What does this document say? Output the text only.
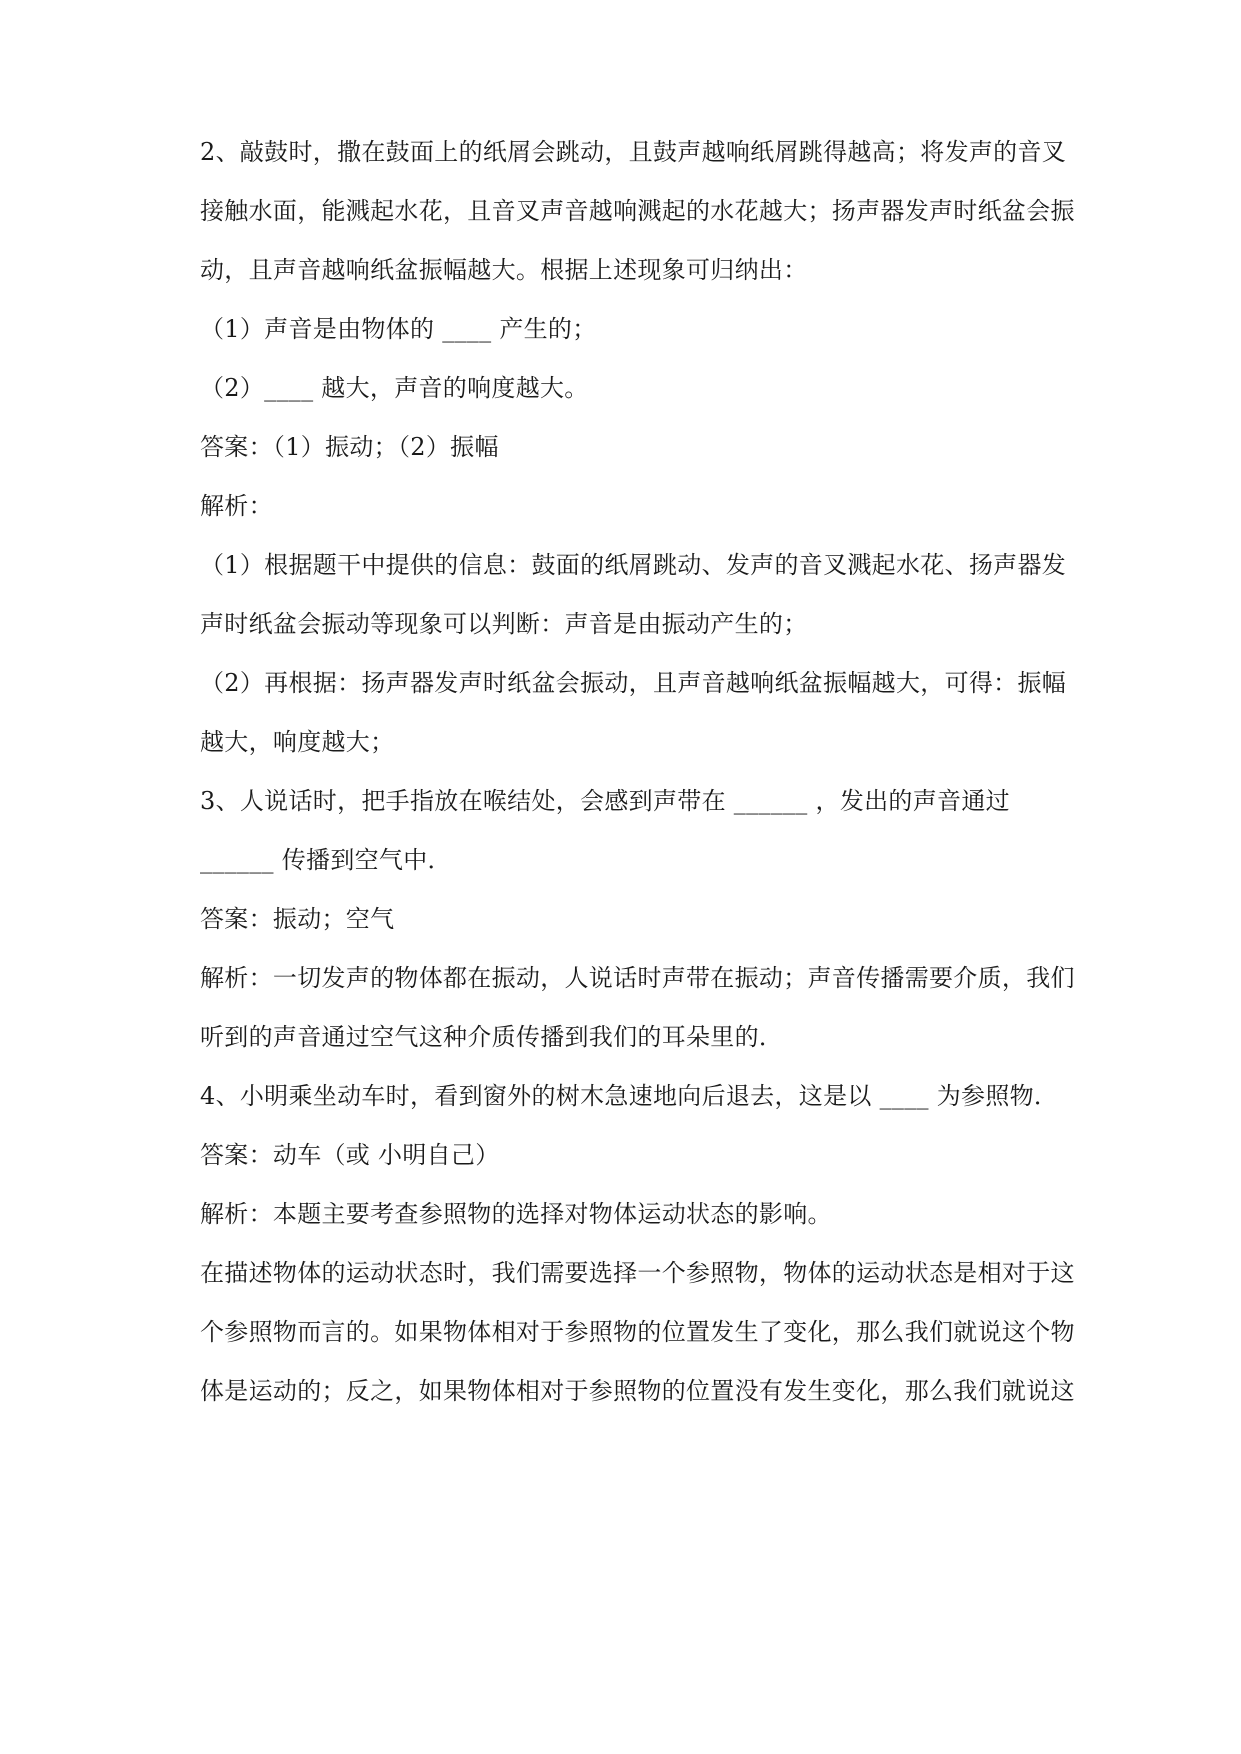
2、敲鼓时，撒在鼓面上的纸屑会跳动，且鼓声越响纸屑跳得越高；将发声的音叉
接触水面，能溅起水花，且音叉声音越响溅起的水花越大；扬声器发声时纸盆会振
动，且声音越响纸盆振幅越大。根据上述现象可归纳出：
（1）声音是由物体的 ____ 产生的；
（2）____ 越大，声音的响度越大。
答案：（1）振动；（2）振幅
解析：
（1）根据题干中提供的信息：鼓面的纸屑跳动、发声的音叉溅起水花、扬声器发
声时纸盆会振动等现象可以判断：声音是由振动产生的；
（2）再根据：扬声器发声时纸盆会振动，且声音越响纸盆振幅越大，可得：振幅
越大，响度越大；
3、人说话时，把手指放在喉结处，会感到声带在 ______ ，发出的声音通过
______ 传播到空气中．
答案：振动；空气
解析：一切发声的物体都在振动，人说话时声带在振动；声音传播需要介质，我们
听到的声音通过空气这种介质传播到我们的耳朵里的．
4、小明乘坐动车时，看到窗外的树木急速地向后退去，这是以 ____ 为参照物．
答案：动车（或 小明自己）
解析：本题主要考查参照物的选择对物体运动状态的影响。
在描述物体的运动状态时，我们需要选择一个参照物，物体的运动状态是相对于这
个参照物而言的。如果物体相对于参照物的位置发生了变化，那么我们就说这个物
体是运动的；反之，如果物体相对于参照物的位置没有发生变化，那么我们就说这
